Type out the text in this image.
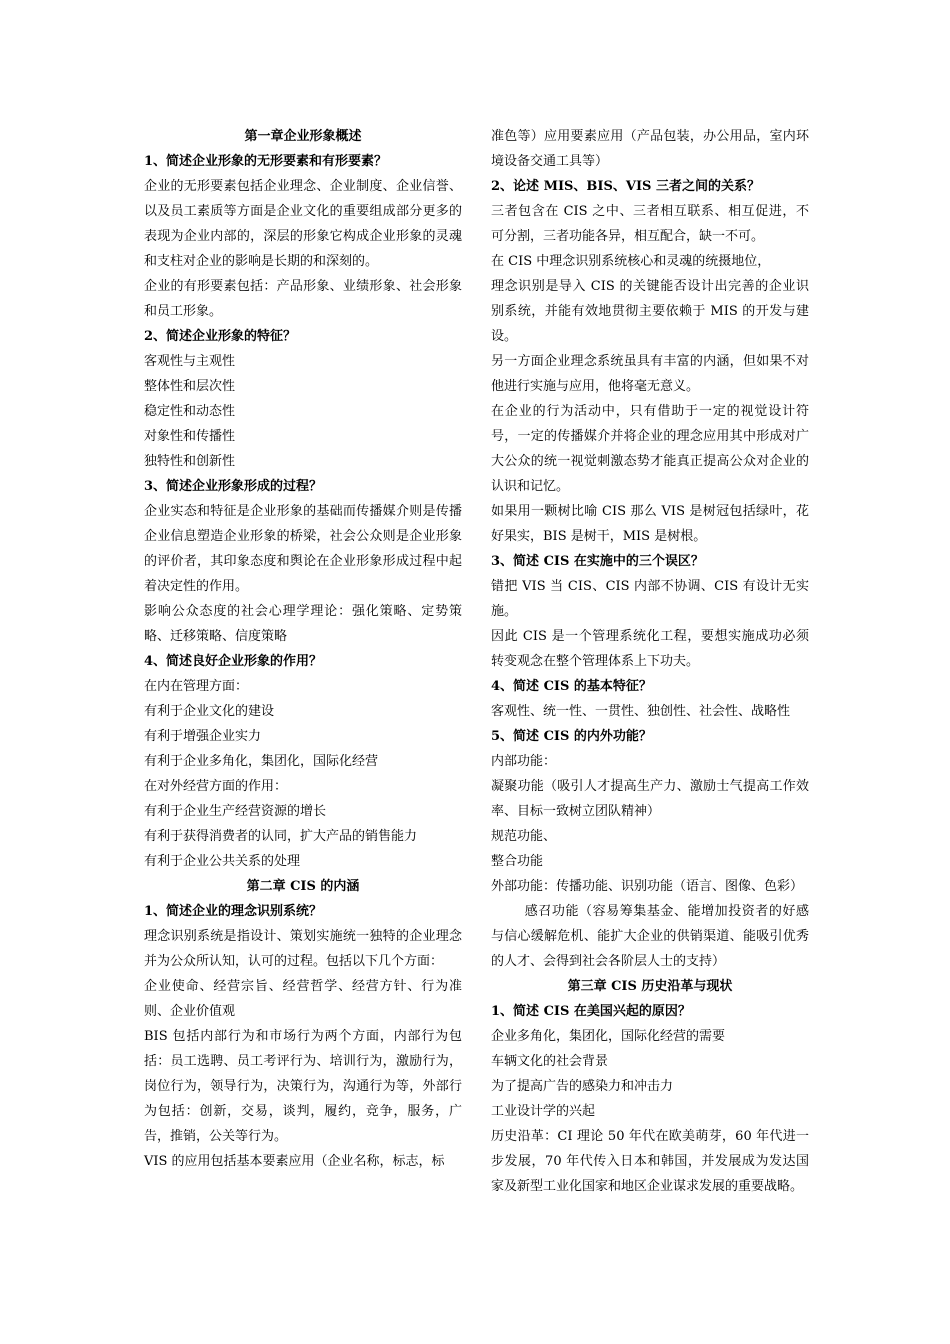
第一章企业形象概述

1、简述企业形象的无形要素和有形要素？

企业的无形要素包括企业理念、企业制度、企业信誉、以及员工素质等方面是企业文化的重要组成部分更多的表现为企业内部的，深层的形象它构成企业形象的灵魂和支柱对企业的影响是长期的和深刻的。

企业的有形要素包括：产品形象、业绩形象、社会形象和员工形象。

2、简述企业形象的特征？

客观性与主观性

整体性和层次性

稳定性和动态性

对象性和传播性

独特性和创新性

3、简述企业形象形成的过程？

企业实态和特征是企业形象的基础而传播媒介则是传播企业信息塑造企业形象的桥梁，社会公众则是企业形象的评价者，其印象态度和舆论在企业形象形成过程中起着决定性的作用。

影响公众态度的社会心理学理论：强化策略、定势策略、迁移策略、信度策略

4、简述良好企业形象的作用？

在内在管理方面：

有利于企业文化的建设

有利于增强企业实力

有利于企业多角化，集团化，国际化经营

在对外经营方面的作用：

有利于企业生产经营资源的增长

有利于获得消费者的认同，扩大产品的销售能力

有利于企业公共关系的处理

第二章 CIS 的内涵

1、简述企业的理念识别系统？

理念识别系统是指设计、策划实施统一独特的企业理念并为公众所认知，认可的过程。包括以下几个方面：

企业使命、经营宗旨、经营哲学、经营方针、行为准则、企业价值观

BIS 包括内部行为和市场行为两个方面，内部行为包括：员工选聘、员工考评行为、培训行为，激励行为，岗位行为，领导行为，决策行为，沟通行为等，外部行为包括：创新，交易，谈判，履约，竞争，服务，广告，推销，公关等行为。

VIS 的应用包括基本要素应用（企业名称，标志，标

准色等）应用要素应用（产品包装，办公用品，室内环境设备交通工具等）

2、论述 MIS、BIS、VIS 三者之间的关系？

三者包含在 CIS 之中、三者相互联系、相互促进，不可分割，三者功能各异，相互配合，缺一不可。

在 CIS 中理念识别系统核心和灵魂的统摄地位，

理念识别是导入 CIS 的关键能否设计出完善的企业识别系统，并能有效地贯彻主要依赖于 MIS 的开发与建设。

另一方面企业理念系统虽具有丰富的内涵，但如果不对他进行实施与应用，他将毫无意义。

在企业的行为活动中，只有借助于一定的视觉设计符号，一定的传播媒介并将企业的理念应用其中形成对广大公众的统一视觉刺激态势才能真正提高公众对企业的认识和记忆。

如果用一颗树比喻 CIS 那么 VIS 是树冠包括绿叶，花好果实，BIS 是树干，MIS 是树根。

3、简述 CIS 在实施中的三个误区？

错把 VIS 当 CIS、CIS 内部不协调、CIS 有设计无实施。

因此 CIS 是一个管理系统化工程，要想实施成功必须转变观念在整个管理体系上下功夫。

4、简述 CIS 的基本特征？

客观性、统一性、一贯性、独创性、社会性、战略性

5、简述 CIS 的内外功能？

内部功能：

凝聚功能（吸引人才提高生产力、激励士气提高工作效率、目标一致树立团队精神）

规范功能、

整合功能

外部功能：传播功能、识别功能（语言、图像、色彩）

感召功能（容易筹集基金、能增加投资者的好感与信心缓解危机、能扩大企业的供销渠道、能吸引优秀的人才、会得到社会各阶层人士的支持）

第三章 CIS 历史沿革与现状

1、简述 CIS 在美国兴起的原因？

企业多角化，集团化，国际化经营的需要

车辆文化的社会背景

为了提高广告的感染力和冲击力

工业设计学的兴起

历史沿革：CI 理论 50 年代在欧美萌芽，60 年代进一步发展，70 年代传入日本和韩国，并发展成为发达国家及新型工业化国家和地区企业谋求发展的重要战略。
